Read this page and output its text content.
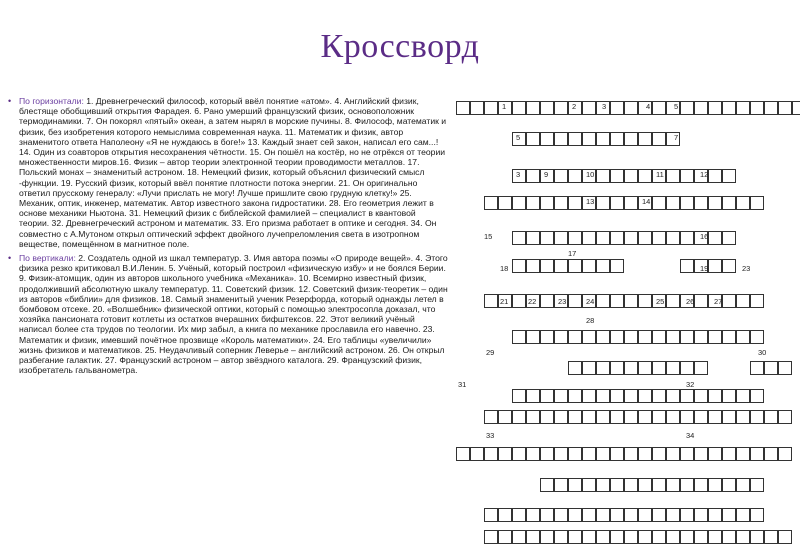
Кроссворд

• По горизонтали: 1. Древнегреческий философ, который ввёл понятие «атом». 4. Английский физик, блестяще обобщивший открытия Фарадея. 6. Рано умерший французский физик, основоположник термодинамики. 7. Он покорял «пятый» океан, а затем нырял в морские пучины. 8. Философ, математик и физик, без изобретения которого немыслима современная наука. 11. Математик и физик, автор знаменитого ответа Наполеону «Я не нуждаюсь в боге!» 13. Каждый знает сей закон, написал его сам...! 14. Один из соавторов открытия несохранения чётности. 15. Он пошёл на костёр, но не отрёкся от теории множественности миров.16. Физик – автор теории электронной теории проводимости металлов. 17. Польский монах – знаменитый астроном. 18. Немецкий физик, который объяснил физический смысл -функции. 19. Русский физик, который ввёл понятие плотности потока энергии. 21. Он оригинально ответил прусскому генералу: «Лучи прислать не могу! Лучше пришлите свою грудную клетку!» 25. Механик, оптик, инженер, математик. Автор известного закона гидростатики. 28. Его геометрия лежит в основе механики Ньютона. 31. Немецкий физик с библейской фамилией – специалист в квантовой теории. 32. Древнегреческий астроном и математик. 33. Его призма работает в оптике и сегодня. 34. Он совместно с А.Мутоном открыл оптический эффект двойного лучепреломления света в изотропном веществе, помещённом в магнитное поле.

• По вертикали: 2. Создатель одной из шкал температур. 3. Имя автора поэмы «О природе вещей». 4. Этого физика резко критиковал В.И.Ленин. 5. Учёный, который построил «физическую избу» и не боялся Берии. 9. Физик-атомщик, один из авторов школьного учебника «Механика». 10. Всемирно известный физик, продолживший абсолютную шкалу температур. 11. Советский физик. 12. Советский физик-теоретик – один из авторов «библии» для физиков. 18. Самый знаменитый ученик Резерфорда, который однажды летел в бомбовом отсеке. 20. «Волшебник» физической оптики, который с помощью электросопла доказал, что хозяйка пансионата готовит котлеты из остатков вчерашних бифштексов. 22. Этот великий учёный написал более ста трудов по теологии. Их мир забыл, а книга по механике прославила его навечно. 23. Математик и физик, имевший почётное прозвище «Король математики». 24. Его таблицы «увеличили» жизнь физиков и математиков. 25. Неудачливый соперник Леверье – английский астроном. 26. Он открыл разбегание галактик. 27. Французский астроном – автор звёздного каталога. 29. Французский физик, изобретатель гальванометра.

1	2	3	4	5
5	7
3	9	10	11	12
13	14
15	16
17
18	19	23
21	22	23	24	25	26	27
28
29	30
31	32
33	34
